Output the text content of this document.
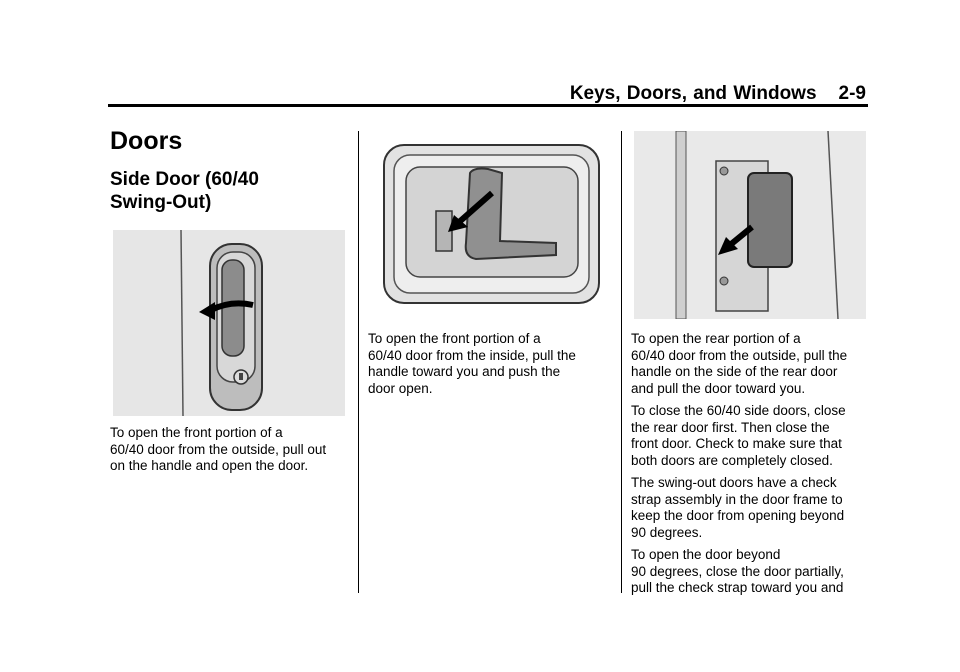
Keys, Doors, and Windows 2-9
Doors
Side Door (60/40
Swing-Out)
To open the front portion of a
60/40 door from the outside, pull out
on the handle and open the door.
To open the front portion of a
60/40 door from the inside, pull the
handle toward you and push the
door open.
To open the rear portion of a
60/40 door from the outside, pull the
handle on the side of the rear door
and pull the door toward you.
To close the 60/40 side doors, close
the rear door first. Then close the
front door. Check to make sure that
both doors are completely closed.
The swing-out doors have a check
strap assembly in the door frame to
keep the door from opening beyond
90 degrees.
To open the door beyond
90 degrees, close the door partially,
pull the check strap toward you and
